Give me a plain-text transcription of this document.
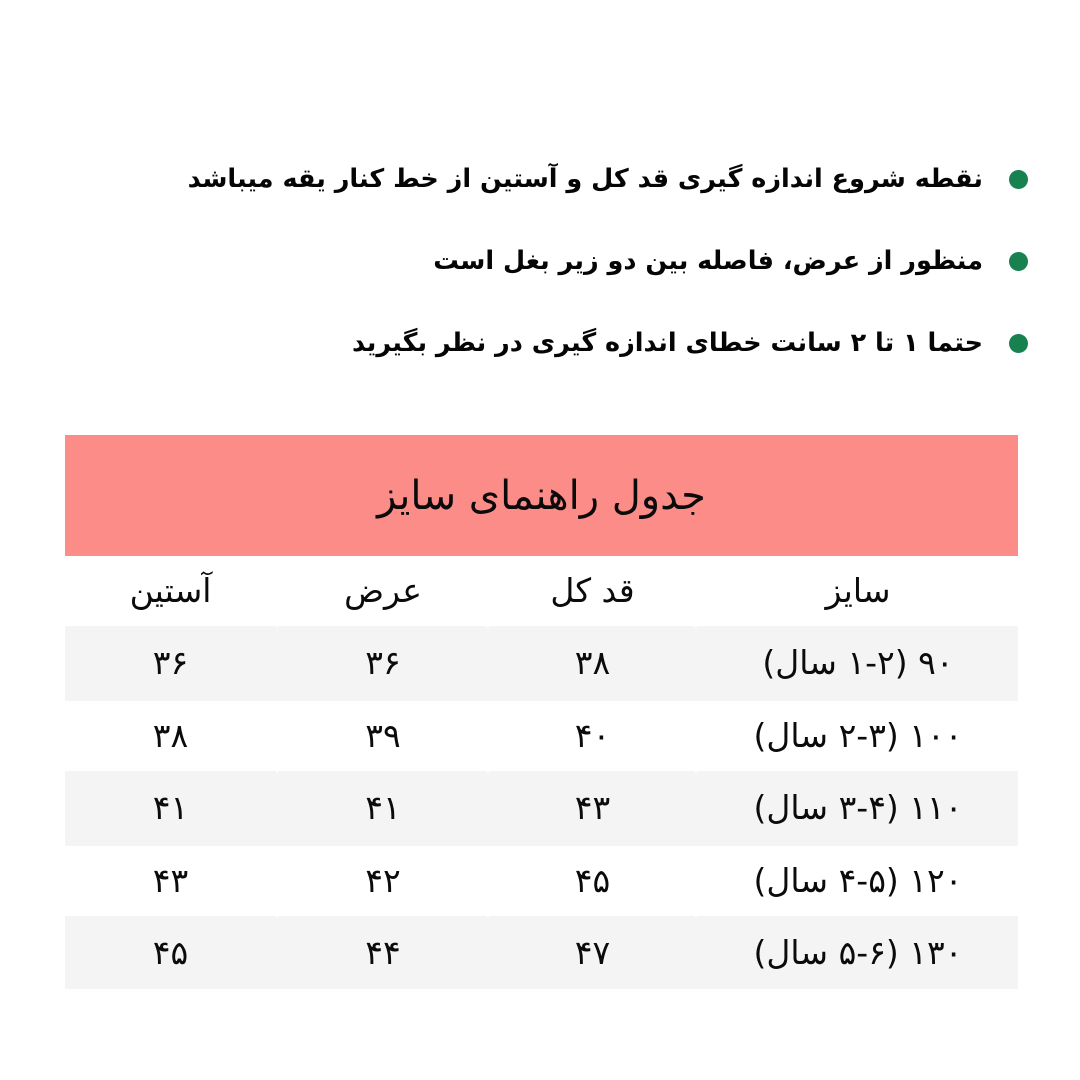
نقطه شروع اندازه گیری قد کل و آستین از خط کنار یقه میباشد
منظور از عرض، فاصله بین دو زیر بغل است
حتما ۱ تا ۲ سانت خطای اندازه گیری در نظر بگیرید
جدول راهنمای سایز
سایز	قد کل	عرض	آستین

۹۰ (۱-۲ سال)	۳۸	۳۶	۳۶

۱۰۰ (۲-۳ سال)	۴۰	۳۹	۳۸

۱۱۰ (۳-۴ سال)	۴۳	۴۱	۴۱

۱۲۰ (۴-۵ سال)	۴۵	۴۲	۴۳

۱۳۰ (۵-۶ سال)	۴۷	۴۴	۴۵
